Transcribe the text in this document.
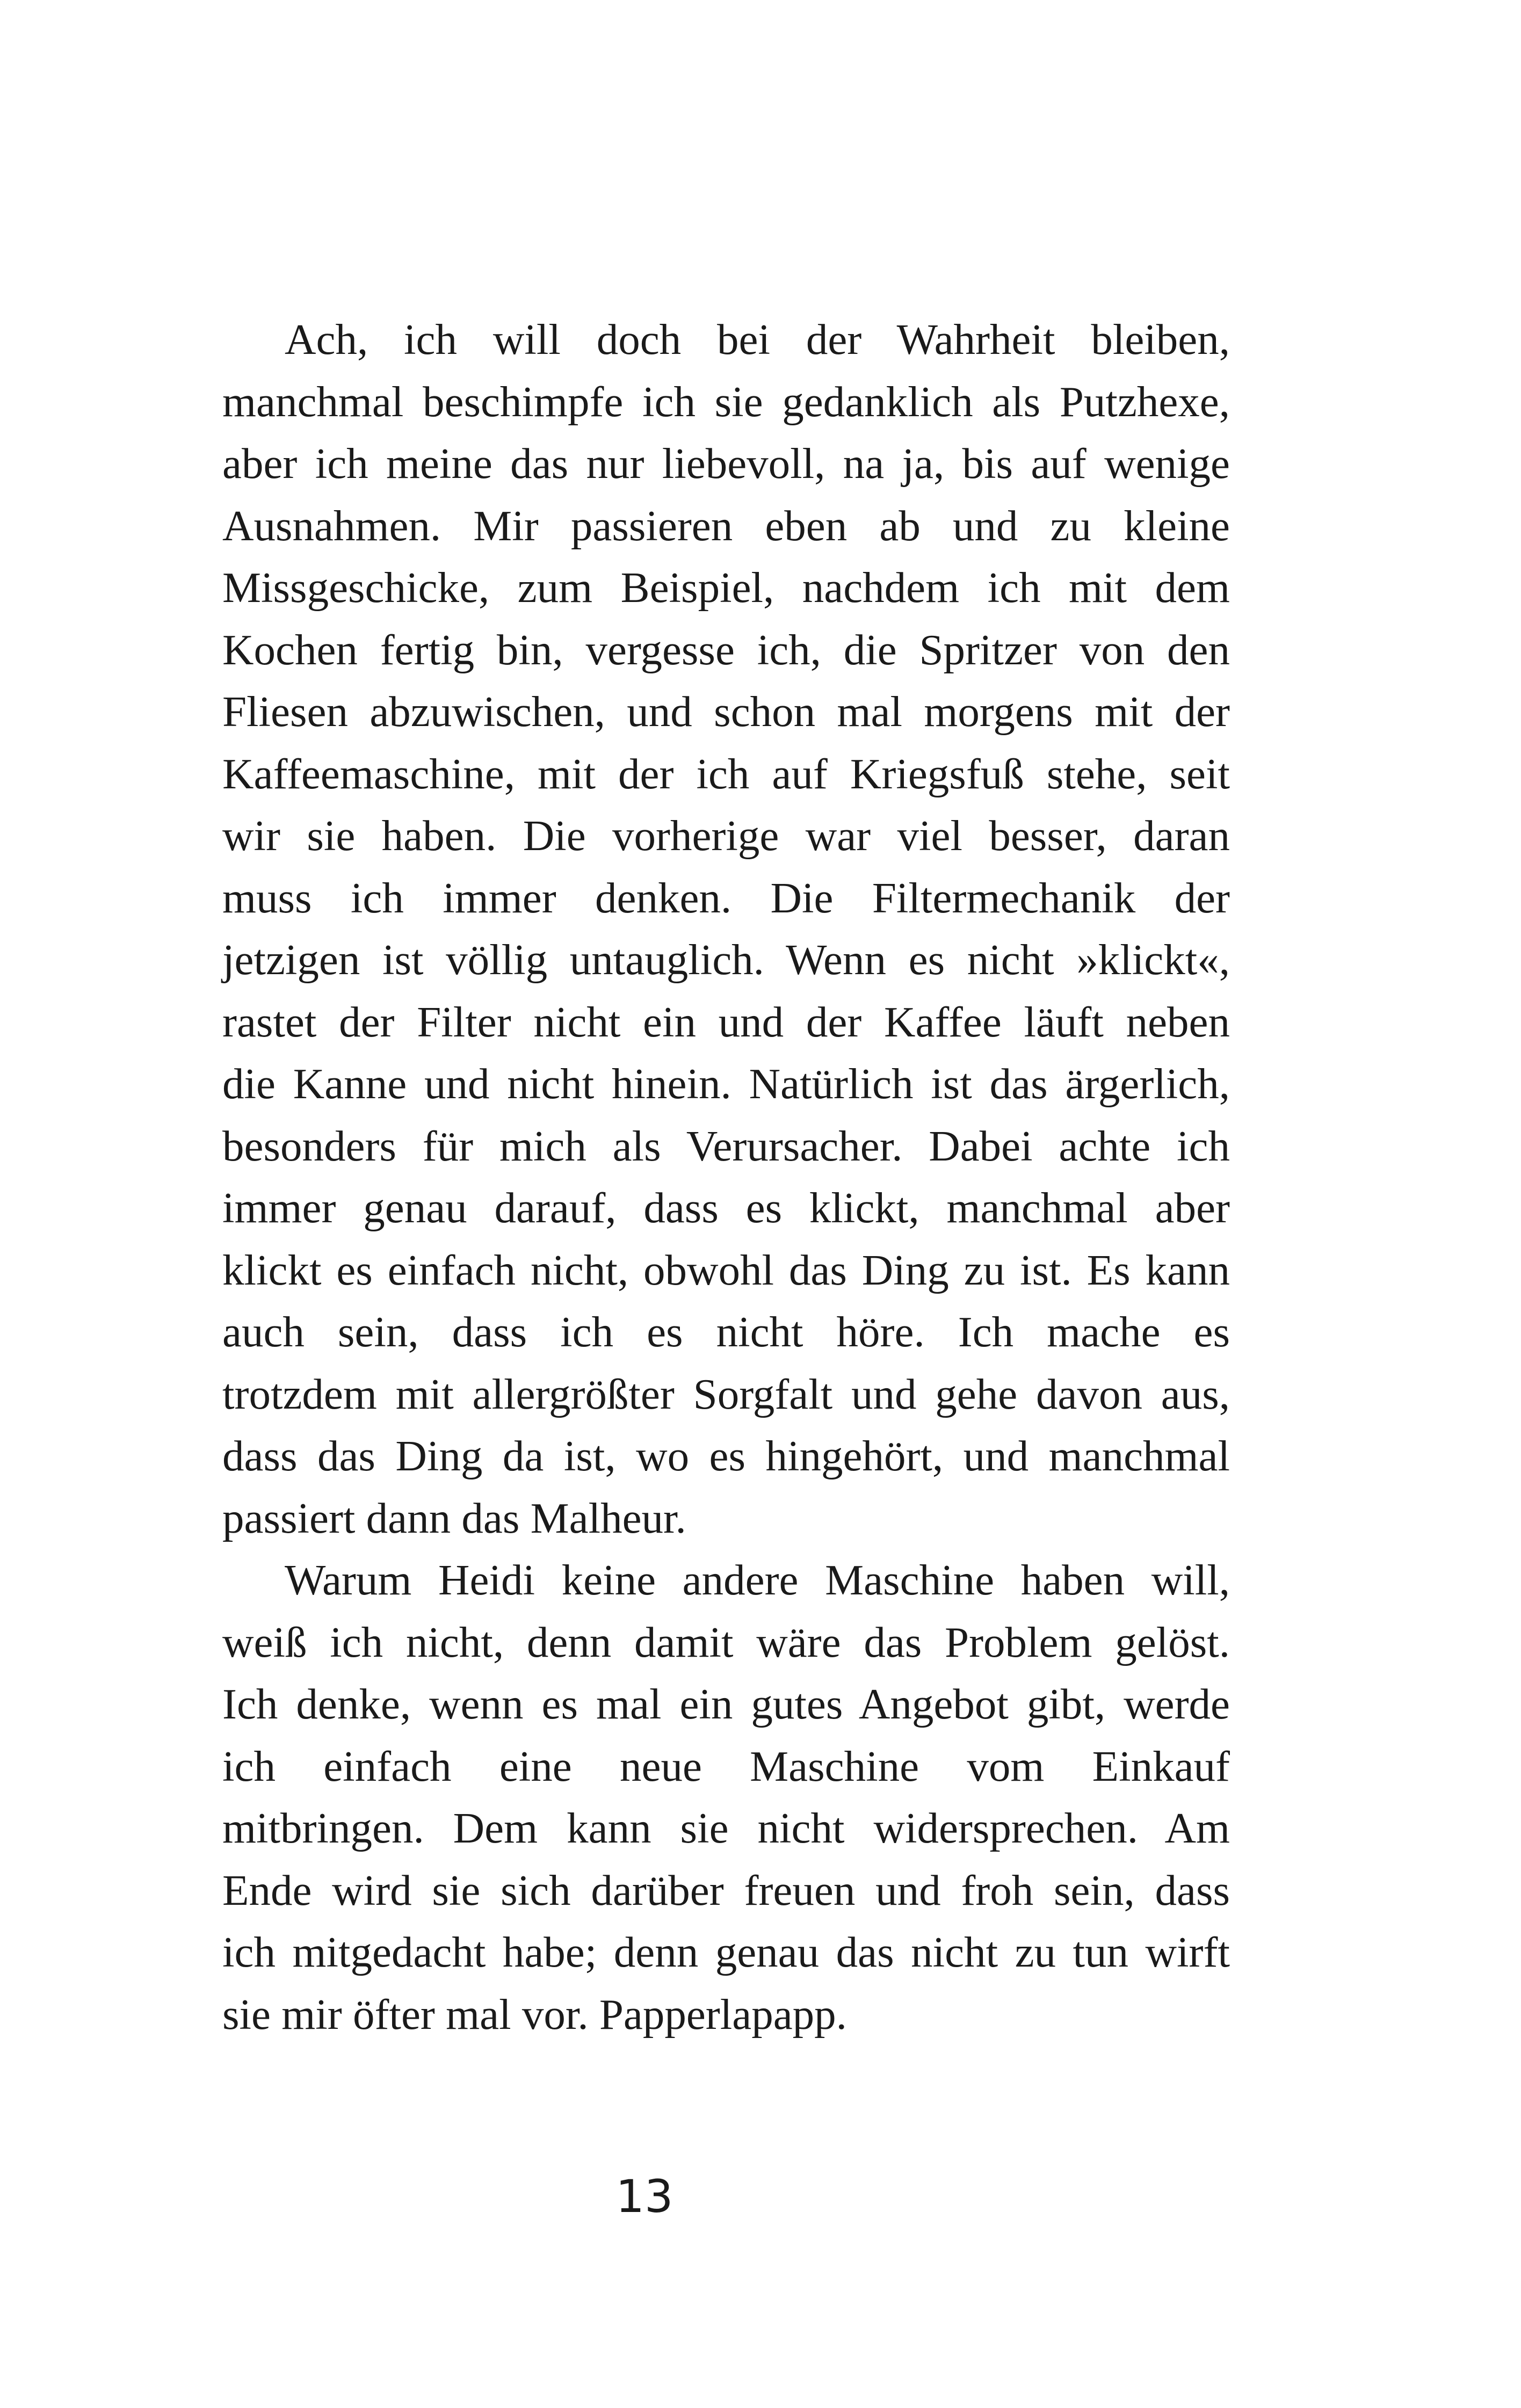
Ach, ich will doch bei der Wahrheit bleiben,
manchmal beschimpfe ich sie gedanklich als Putzhexe,
aber ich meine das nur liebevoll, na ja, bis auf wenige
Ausnahmen. Mir passieren eben ab und zu kleine
Missgeschicke, zum Beispiel, nachdem ich mit dem
Kochen fertig bin, vergesse ich, die Spritzer von den
Fliesen abzuwischen, und schon mal morgens mit der
Kaffeemaschine, mit der ich auf Kriegsfuß stehe, seit
wir sie haben. Die vorherige war viel besser, daran
muss ich immer denken. Die Filtermechanik der
jetzigen ist völlig untauglich. Wenn es nicht »klickt«,
rastet der Filter nicht ein und der Kaffee läuft neben
die Kanne und nicht hinein. Natürlich ist das ärgerlich,
besonders für mich als Verursacher. Dabei achte ich
immer genau darauf, dass es klickt, manchmal aber
klickt es einfach nicht, obwohl das Ding zu ist. Es kann
auch sein, dass ich es nicht höre. Ich mache es
trotzdem mit allergrößter Sorgfalt und gehe davon aus,
dass das Ding da ist, wo es hingehört, und manchmal
passiert dann das Malheur.
Warum Heidi keine andere Maschine haben will,
weiß ich nicht, denn damit wäre das Problem gelöst.
Ich denke, wenn es mal ein gutes Angebot gibt, werde
ich einfach eine neue Maschine vom Einkauf
mitbringen. Dem kann sie nicht widersprechen. Am
Ende wird sie sich darüber freuen und froh sein, dass
ich mitgedacht habe; denn genau das nicht zu tun wirft
sie mir öfter mal vor. Papperlapapp.
13
